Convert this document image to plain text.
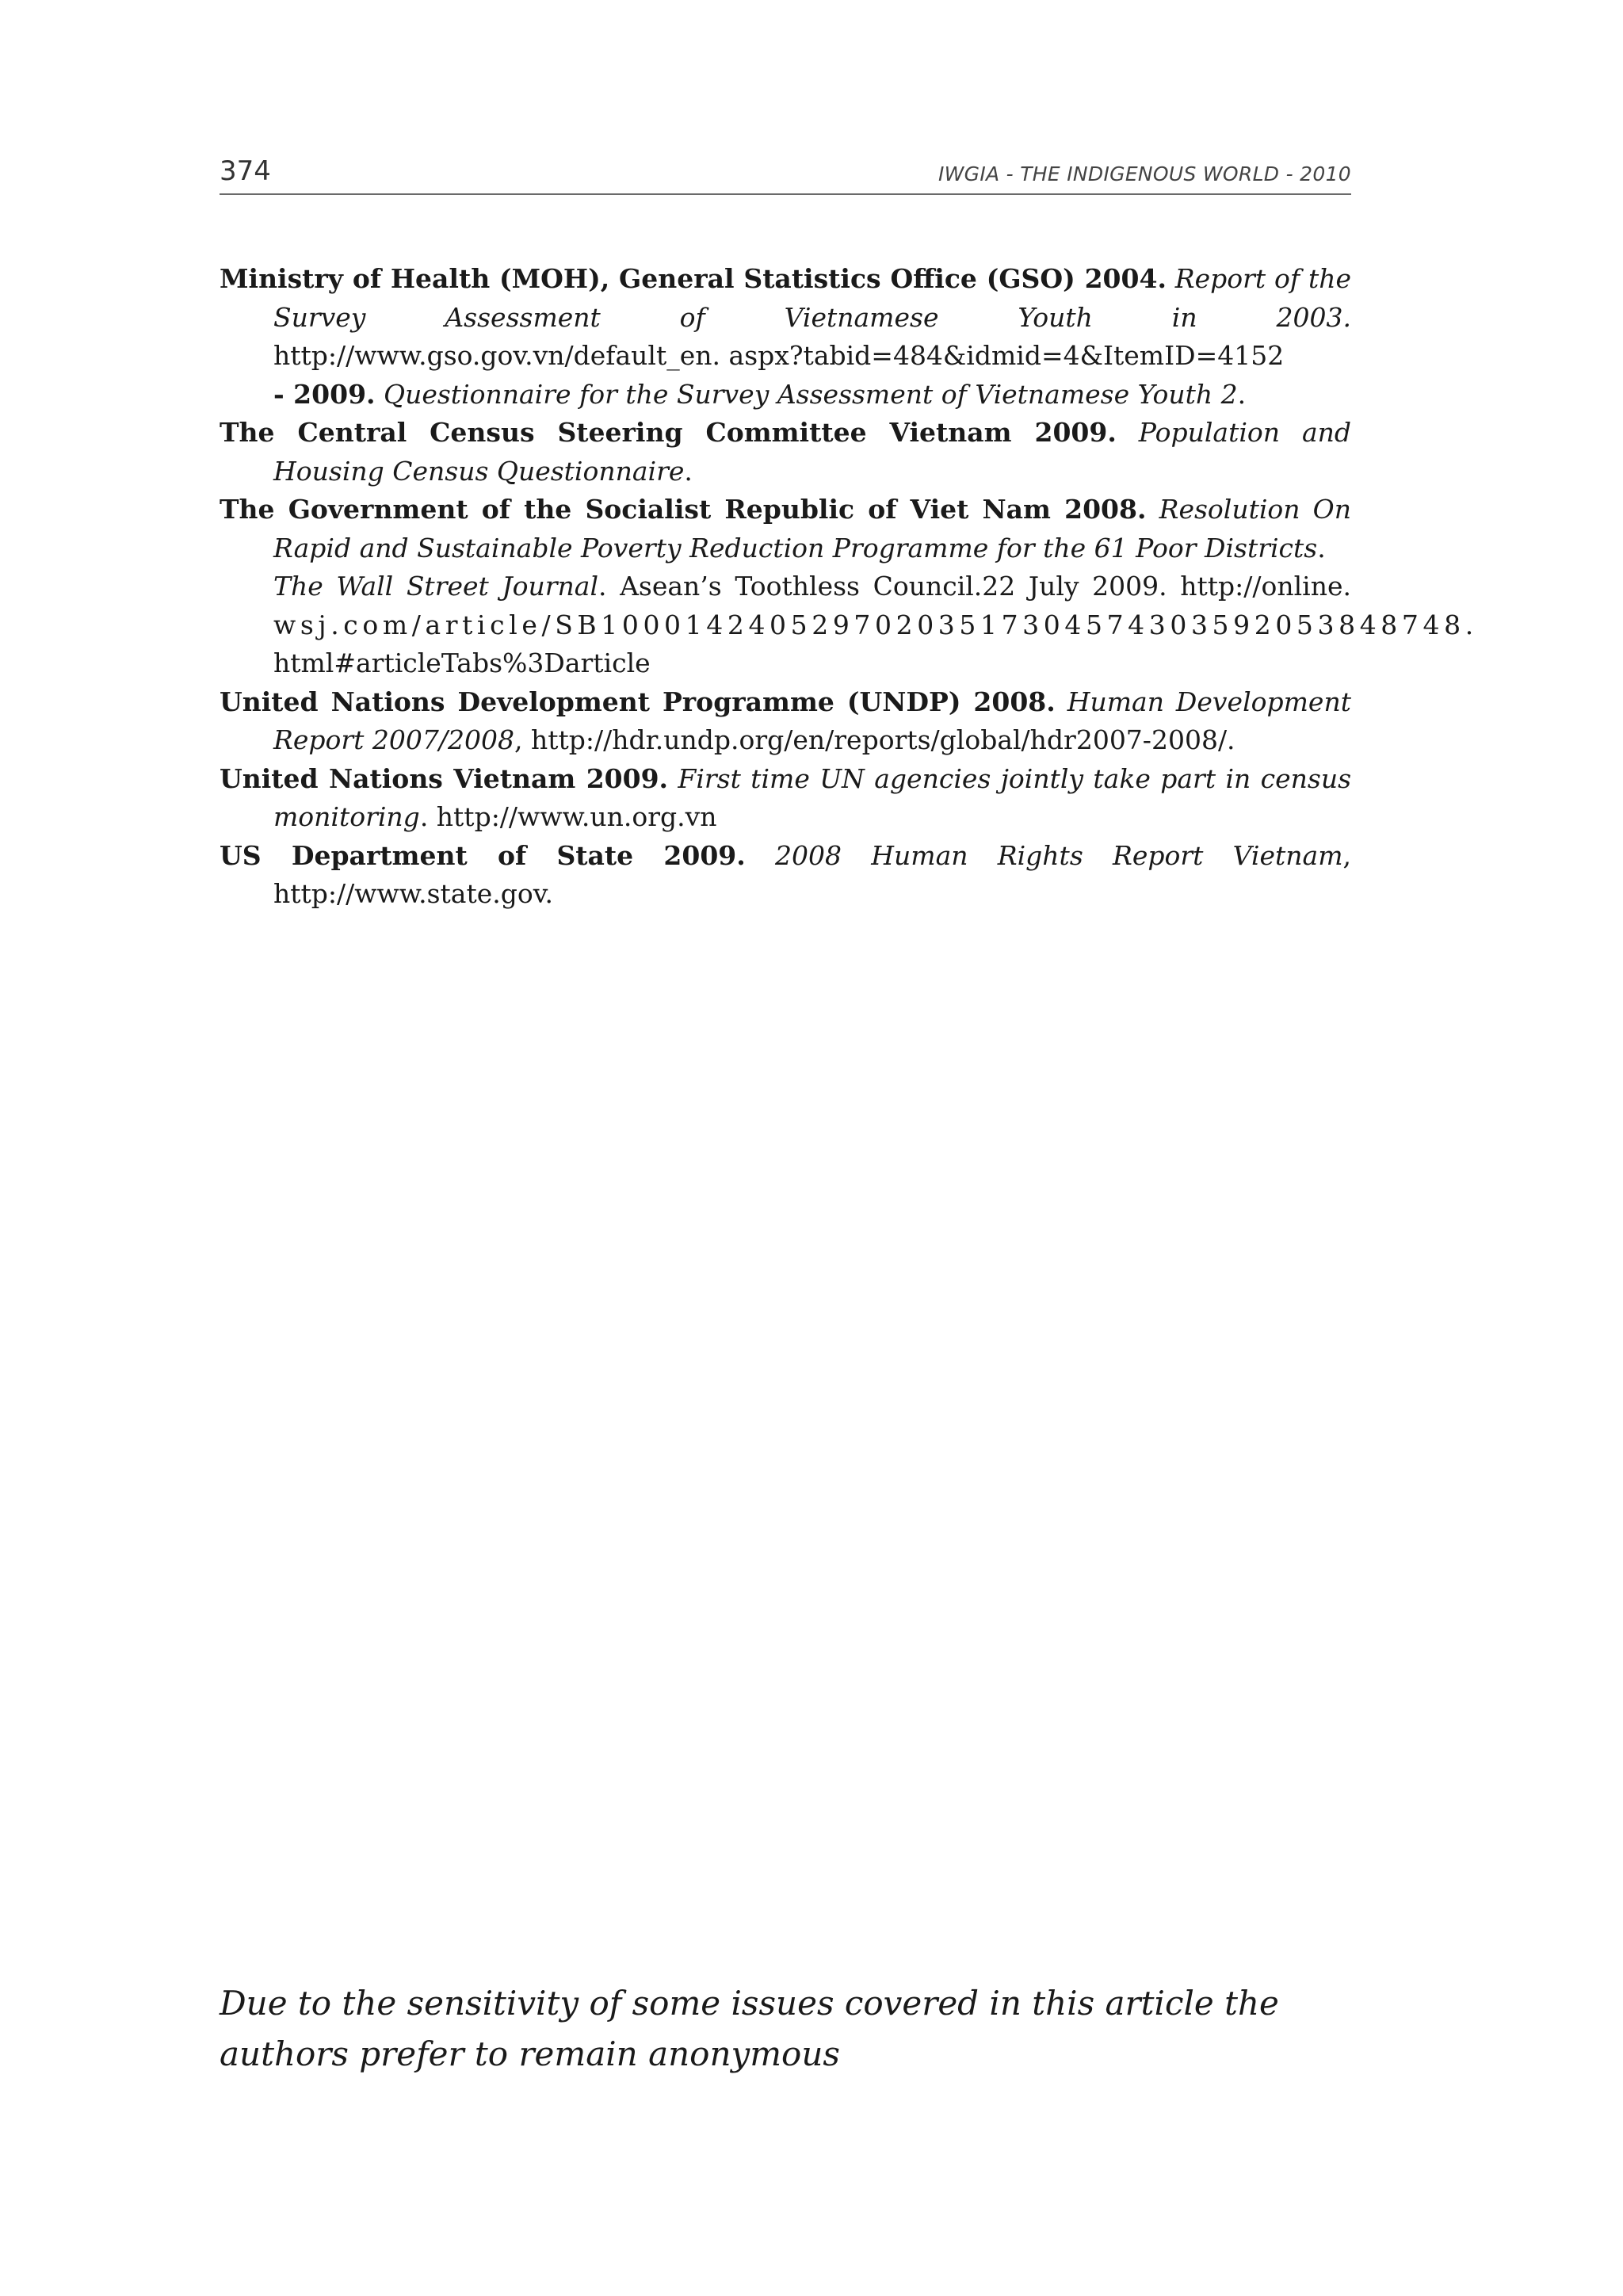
374	IWGIA - THE INDIGENOUS WORLD - 2010

Ministry of Health (MOH), General Statistics Office (GSO) 2004. Report of the Survey Assessment of Vietnamese Youth in 2003. http://www.gso.gov.vn/default_en. aspx?tabid=484&idmid=4&ItemID=4152

- 2009. Questionnaire for the Survey Assessment of Vietnamese Youth 2.

The Central Census Steering Committee Vietnam 2009. Population and Housing Census Questionnaire.

The Government of the Socialist Republic of Viet Nam 2008. Resolution On Rapid and Sustainable Poverty Reduction Programme for the 61 Poor Districts.

The Wall Street Journal. Asean’s Toothless Council.22 July 2009. http://online. wsj.com/article/SB10001424052970203517304574303592053848748. html#articleTabs%3Darticle

United Nations Development Programme (UNDP) 2008. Human Development Report 2007/2008, http://hdr.undp.org/en/reports/global/hdr2007-2008/.

United Nations Vietnam 2009. First time UN agencies jointly take part in census monitoring. http://www.un.org.vn

US Department of State 2009. 2008 Human Rights Report Vietnam, http://www.state.gov.

Due to the sensitivity of some issues covered in this article the authors prefer to remain anonymous
